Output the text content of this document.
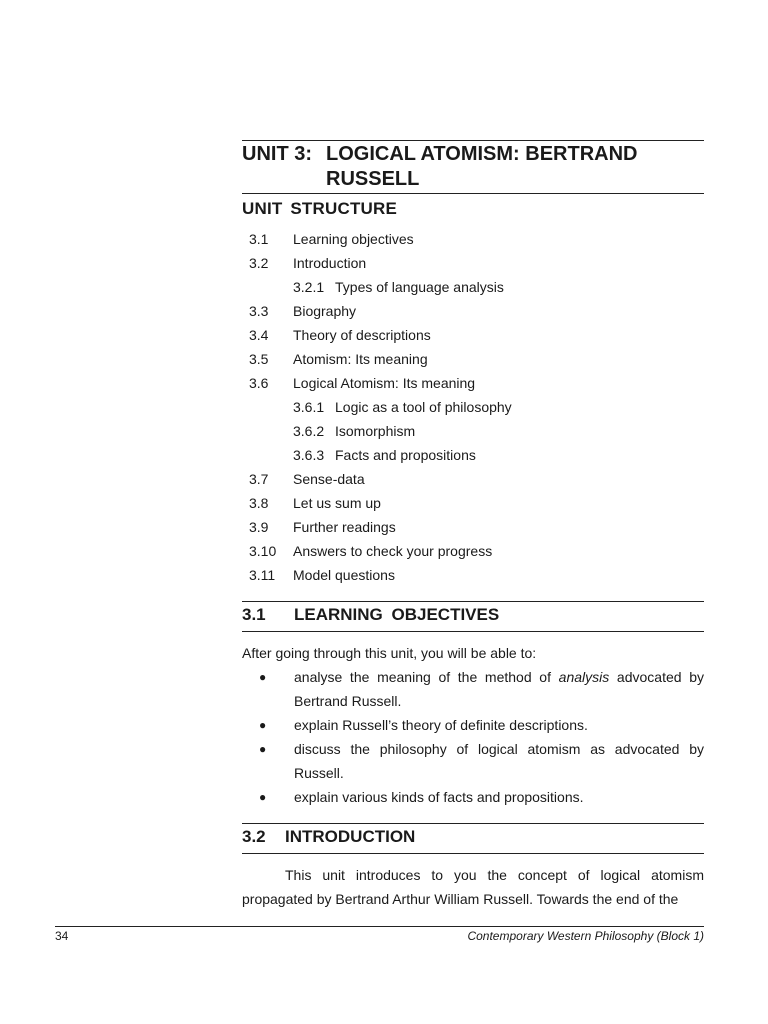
UNIT 3: LOGICAL ATOMISM: BERTRAND RUSSELL
UNIT STRUCTURE
3.1 Learning objectives
3.2 Introduction
3.2.1 Types of language analysis
3.3 Biography
3.4 Theory of descriptions
3.5 Atomism: Its meaning
3.6 Logical Atomism: Its meaning
3.6.1 Logic as a tool of philosophy
3.6.2 Isomorphism
3.6.3 Facts and propositions
3.7 Sense-data
3.8 Let us sum up
3.9 Further readings
3.10 Answers to check your progress
3.11 Model questions
3.1 LEARNING OBJECTIVES
After going through this unit, you will be able to:
● analyse the meaning of the method of analysis advocated by Bertrand Russell.
● explain Russell’s theory of definite descriptions.
● discuss the philosophy of logical atomism as advocated by Russell.
● explain various kinds of facts and propositions.
3.2 INTRODUCTION
This unit introduces to you the concept of logical atomism propagated by Bertrand Arthur William Russell. Towards the end of the
34	Contemporary Western Philosophy (Block 1)
